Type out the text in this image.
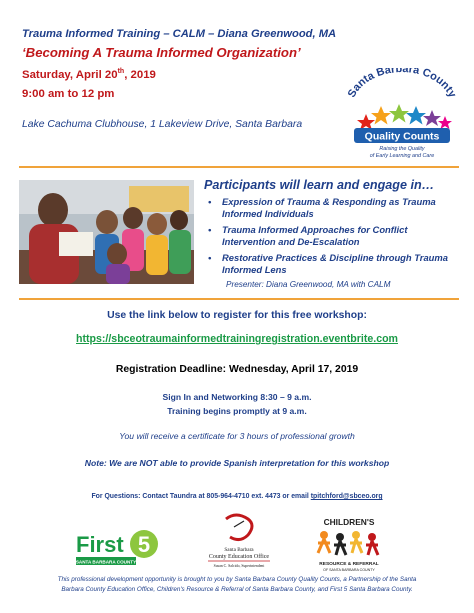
Trauma Informed Training – CALM – Diana Greenwood, MA
‘Becoming A Trauma Informed Organization’
Saturday, April 20th, 2019
9:00 am to 12 pm
Lake Cachuma Clubhouse, 1 Lakeview Drive, Santa Barbara
Santa Barbara County
Quality Counts
Raising the Quality
of Early Learning and Care
Participants will learn and engage in…
• Expression of Trauma & Responding as Trauma
Informed Individuals
• Trauma Informed Approaches for Conflict
Intervention and De-Escalation
• Restorative Practices & Discipline through Trauma
Informed Lens
Presenter: Diana Greenwood, MA with CALM
Use the link below to register for this free workshop:
https://sbceotraumainformedtrainingregistration.eventbrite.com
Registration Deadline: Wednesday, April 17, 2019
Sign In and Networking 8:30 – 9 a.m.
Training begins promptly at 9 a.m.
You will receive a certificate for 3 hours of professional growth
Note: We are NOT able to provide Spanish interpretation for this workshop
For Questions: Contact Taundra at 805-964-4710 ext. 4473 or email tpitchford@sbceo.org
First 5
SANTA BARBARA COUNTY
Santa Barbara
County Education Office
Susan C. Salcido, Superintendent
CHILDREN'S
RESOURCE & REFERRAL
OF SANTA BARBARA COUNTY
This professional development opportunity is brought to you by Santa Barbara County Quality Counts, a Partnership of the Santa
Barbara County Education Office, Children's Resource & Referral of Santa Barbara County, and First 5 Santa Barbara County.
